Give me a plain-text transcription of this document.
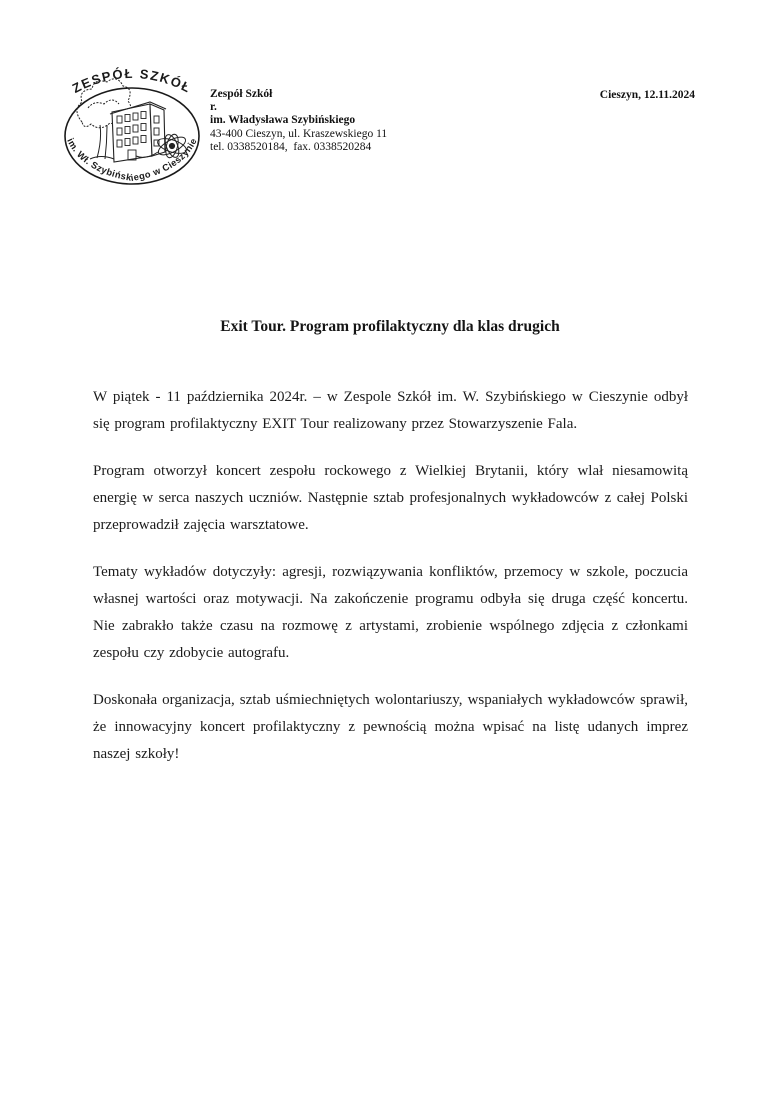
ZESPÓŁ SZKÓŁ
im. Wł. Szybińskiego w Cieszynie
Zespół Szkół
r.
im. Władysława Szybińskiego
43-400 Cieszyn, ul. Kraszewskiego 11
tel. 0338520184,  fax. 0338520284
Cieszyn, 12.11.2024
Exit Tour. Program profilaktyczny dla klas drugich

W piątek - 11 października 2024r. – w Zespole Szkół im. W. Szybińskiego w Cieszynie odbył się program profilaktyczny EXIT Tour realizowany przez Stowarzyszenie Fala.

Program otworzył koncert zespołu rockowego z Wielkiej Brytanii, który wlał niesamowitą energię w serca naszych uczniów. Następnie sztab profesjonalnych wykładowców z całej Polski przeprowadził zajęcia warsztatowe.

Tematy wykładów dotyczyły: agresji, rozwiązywania konfliktów, przemocy w szkole, poczucia własnej wartości oraz motywacji. Na zakończenie programu odbyła się druga część koncertu. Nie zabrakło także czasu na rozmowę z artystami, zrobienie wspólnego zdjęcia z członkami zespołu czy zdobycie autografu.

Doskonała organizacja, sztab uśmiechniętych wolontariuszy, wspaniałych wykładowców sprawił, że innowacyjny koncert profilaktyczny z pewnością można wpisać na listę udanych imprez naszej szkoły!
